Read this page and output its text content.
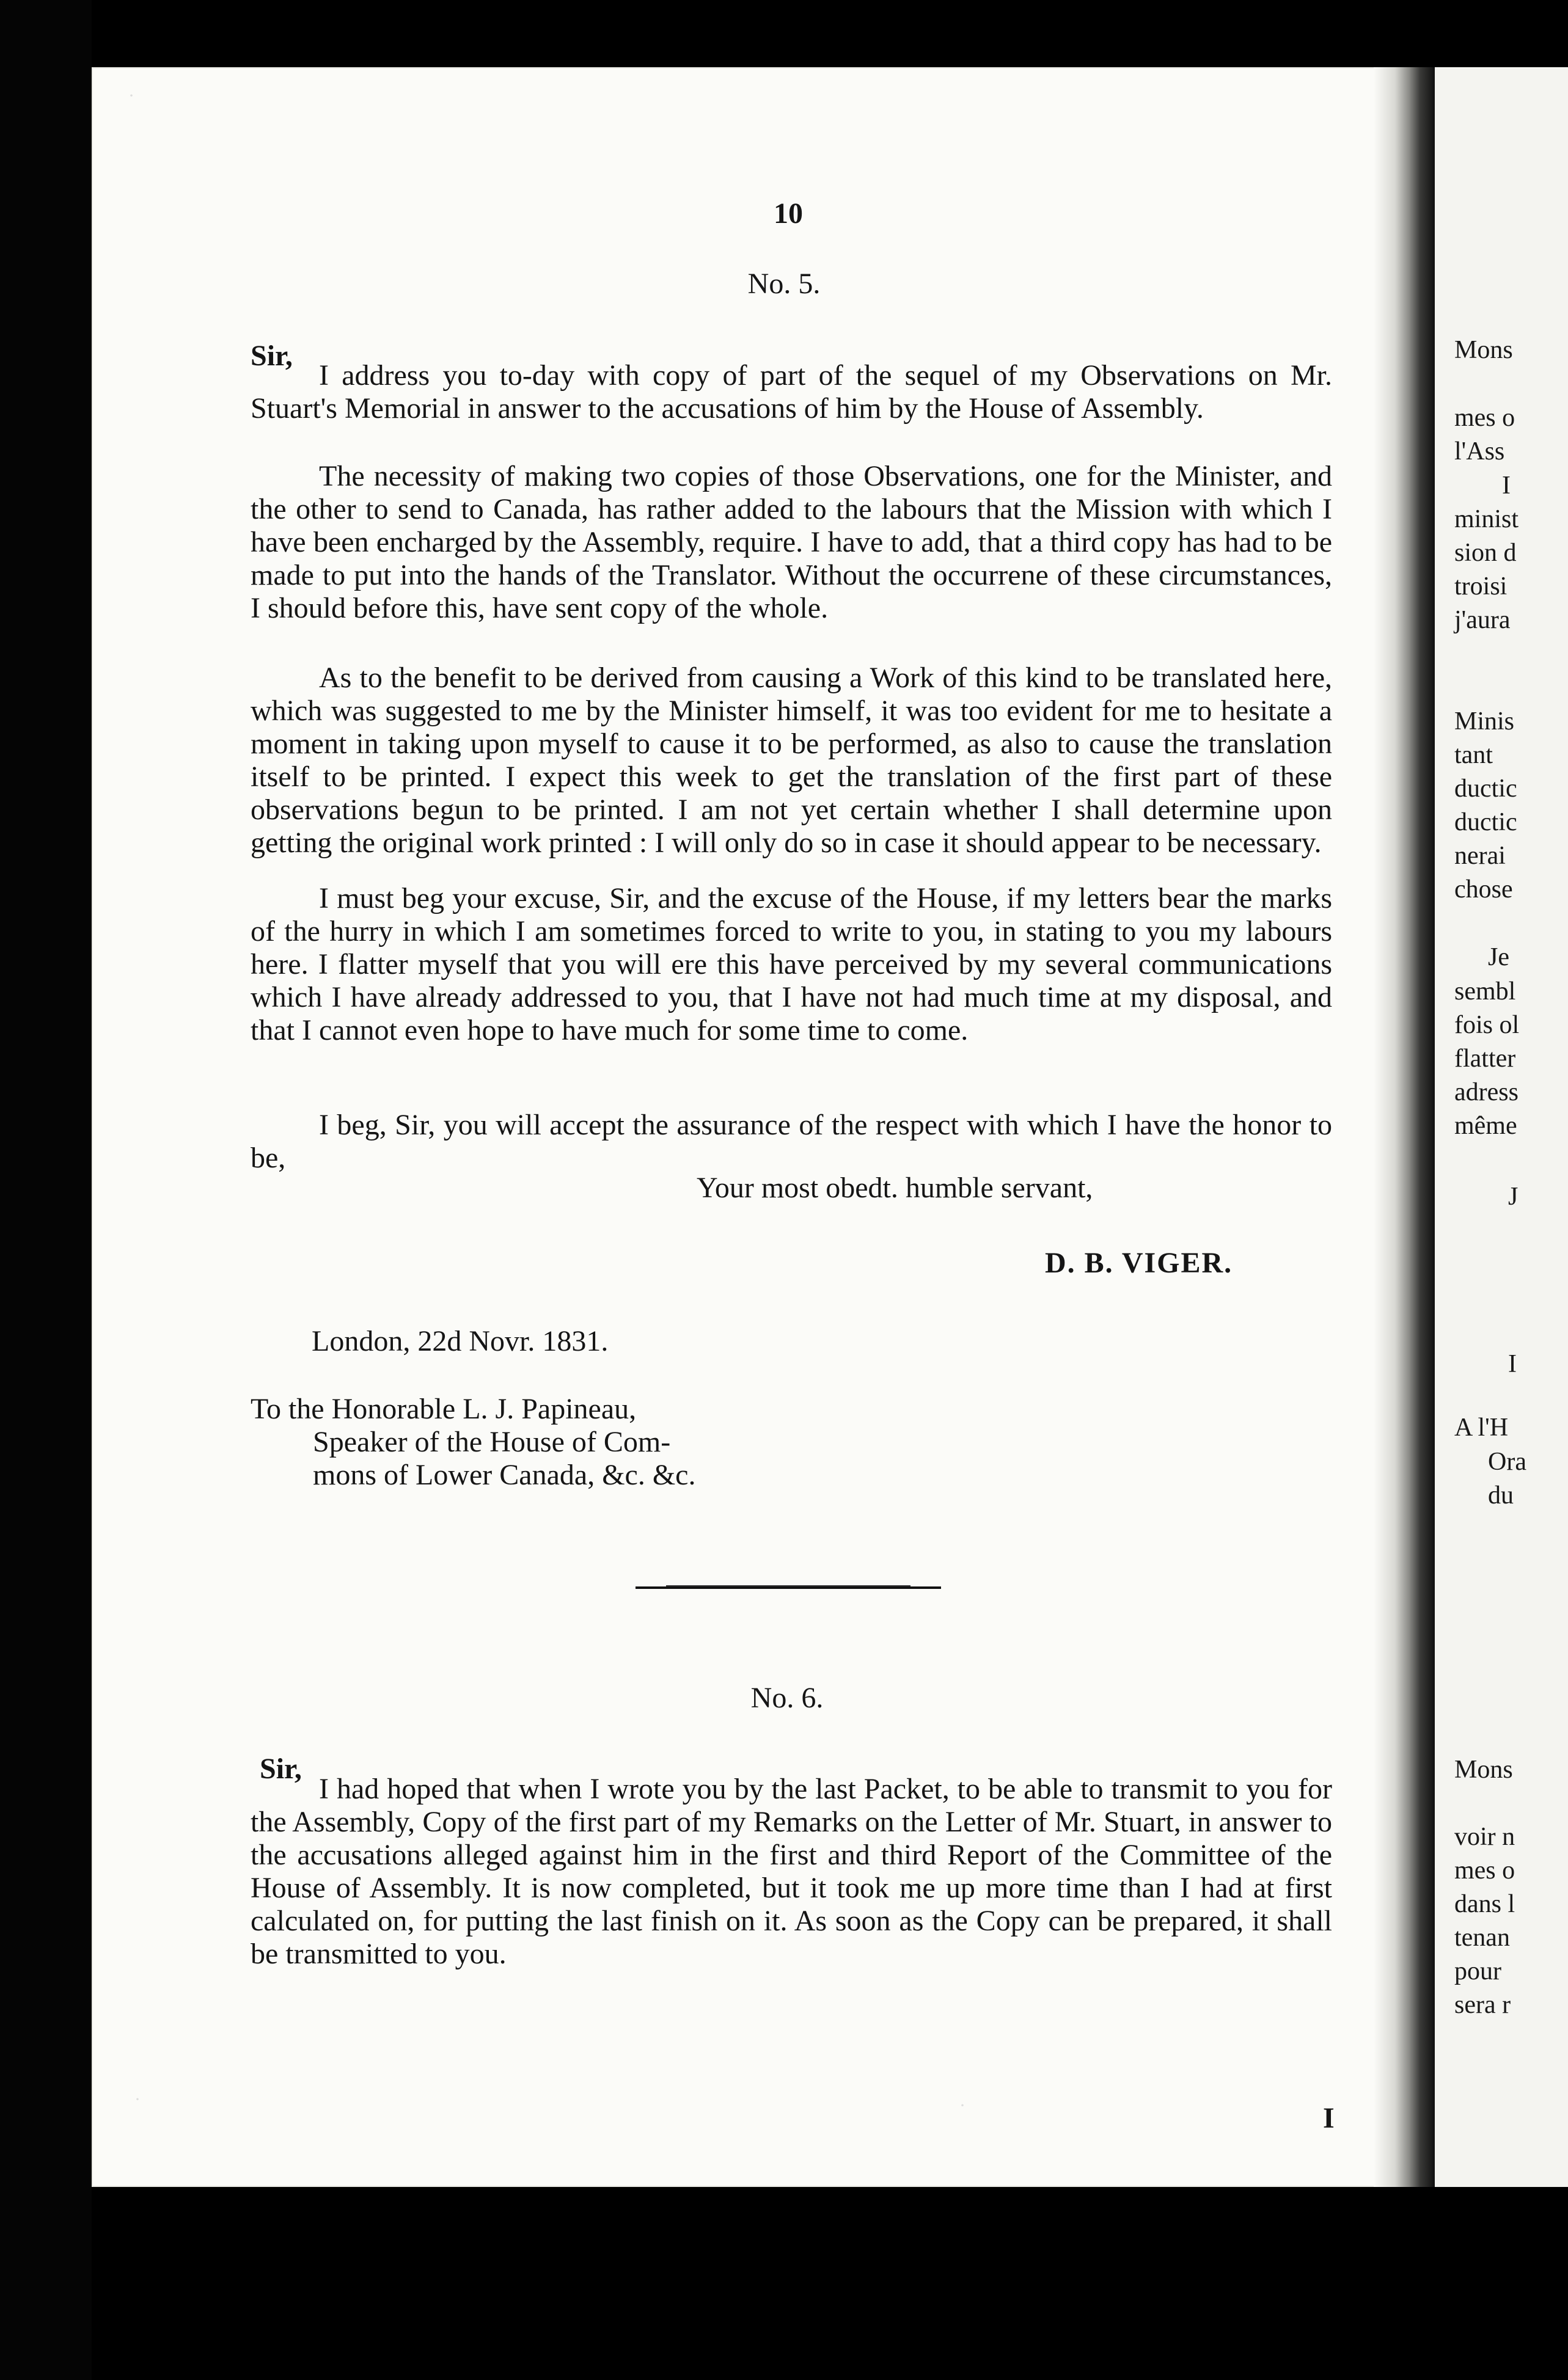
10
No. 5.
Sir,

I address you to-day with copy of part of the sequel of my Observations on Mr. Stuart's Memorial in answer to the accusations of him by the House of Assembly.

The necessity of making two copies of those Observations, one for the Minister, and the other to send to Canada, has rather added to the labours that the Mission with which I have been encharged by the Assembly, require. I have to add, that a third copy has had to be made to put into the hands of the Translator. Without the occurrene of these circumstances, I should before this, have sent copy of the whole.

As to the benefit to be derived from causing a Work of this kind to be translated here, which was suggested to me by the Minister himself, it was too evident for me to hesitate a moment in taking upon myself to cause it to be performed, as also to cause the translation itself to be printed. I expect this week to get the translation of the first part of these observations begun to be printed. I am not yet certain whether I shall determine upon getting the original work printed : I will only do so in case it should appear to be necessary.

I must beg your excuse, Sir, and the excuse of the House, if my letters bear the marks of the hurry in which I am sometimes forced to write to you, in stating to you my labours here. I flatter myself that you will ere this have perceived by my several communications which I have already addressed to you, that I have not had much time at my disposal, and that I cannot even hope to have much for some time to come.

I beg, Sir, you will accept the assurance of the respect with which I have the honor to be,

Your most obedt. humble servant,
D. B. VIGER.
London, 22d Novr. 1831.
To the Honorable L. J. Papineau,
Speaker of the House of Com-
mons of Lower Canada, &c. &c.
No. 6.
Sir,

I had hoped that when I wrote you by the last Packet, to be able to transmit to you for the Assembly, Copy of the first part of my Remarks on the Letter of Mr. Stuart, in answer to the accusations alleged against him in the first and third Report of the Committee of the House of Assembly. It is now completed, but it took me up more time than I had at first calculated on, for putting the last finish on it. As soon as the Copy can be prepared, it shall be transmitted to you.

I
Mons
mes o
l'Ass
I
minist
sion d
troisi
j'aura
Minis
tant
ductic
ductic
nerai
chose
Je
sembl
fois ol
flatter
adress
même
J
I
A l'H
Ora
du
Mons
voir n
mes o
dans l
tenan
pour
sera r
·
·	·
